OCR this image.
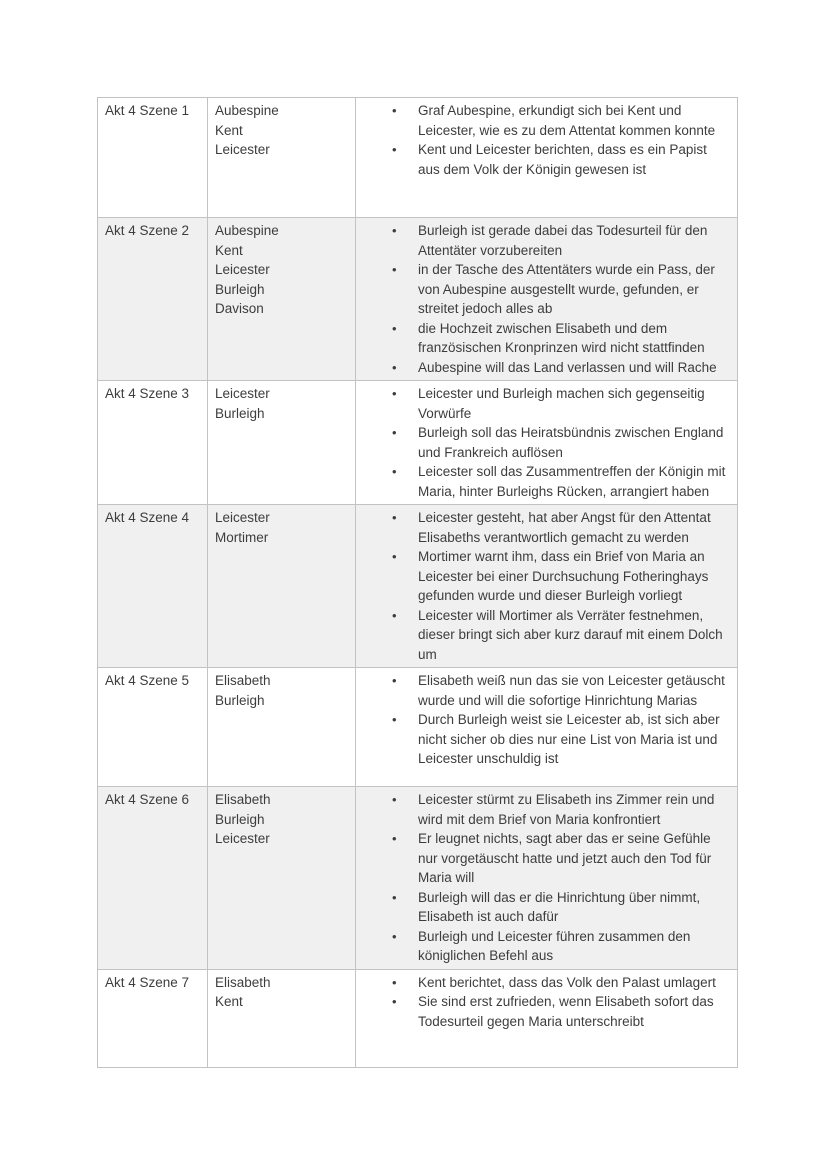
Akt 4 Szene 1	Aubespine
Kent
Leicester

•	Graf Aubespine, erkundigt sich bei Kent und Leicester, wie es zu dem Attentat kommen konnte
•	Kent und Leicester berichten, dass es ein Papist aus dem Volk der Königin gewesen ist

Akt 4 Szene 2	Aubespine
Kent
Leicester
Burleigh
Davison

•	Burleigh ist gerade dabei das Todesurteil für den Attentäter vorzubereiten
•	in der Tasche des Attentäters wurde ein Pass, der von Aubespine ausgestellt wurde, gefunden, er streitet jedoch alles ab
•	die Hochzeit zwischen Elisabeth und dem französischen Kronprinzen wird nicht stattfinden
•	Aubespine will das Land verlassen und will Rache

Akt 4 Szene 3	Leicester
Burleigh

•	Leicester und Burleigh machen sich gegenseitig Vorwürfe
•	Burleigh soll das Heiratsbündnis zwischen England und Frankreich auflösen
•	Leicester soll das Zusammentreffen der Königin mit Maria, hinter Burleighs Rücken, arrangiert haben

Akt 4 Szene 4	Leicester
Mortimer

•	Leicester gesteht, hat aber Angst für den Attentat Elisabeths verantwortlich gemacht zu werden
•	Mortimer warnt ihm, dass ein Brief von Maria an Leicester bei einer Durchsuchung Fotheringhays gefunden wurde und dieser Burleigh vorliegt
•	Leicester will Mortimer als Verräter festnehmen, dieser bringt sich aber kurz darauf mit einem Dolch um

Akt 4 Szene 5	Elisabeth
Burleigh

•	Elisabeth weiß nun das sie von Leicester getäuscht wurde und will die sofortige Hinrichtung Marias
•	Durch Burleigh weist sie Leicester ab, ist sich aber nicht sicher ob dies nur eine List von Maria ist und Leicester unschuldig ist

Akt 4 Szene 6	Elisabeth
Burleigh
Leicester

•	Leicester stürmt zu Elisabeth ins Zimmer rein und wird mit dem Brief von Maria konfrontiert
•	Er leugnet nichts, sagt aber das er seine Gefühle nur vorgetäuscht hatte und jetzt auch den Tod für Maria will
•	Burleigh will das er die Hinrichtung über nimmt, Elisabeth ist auch dafür
•	Burleigh und Leicester führen zusammen den königlichen Befehl aus

Akt 4 Szene 7	Elisabeth
Kent

•	Kent berichtet, dass das Volk den Palast umlagert
•	Sie sind erst zufrieden, wenn Elisabeth sofort das Todesurteil gegen Maria unterschreibt
